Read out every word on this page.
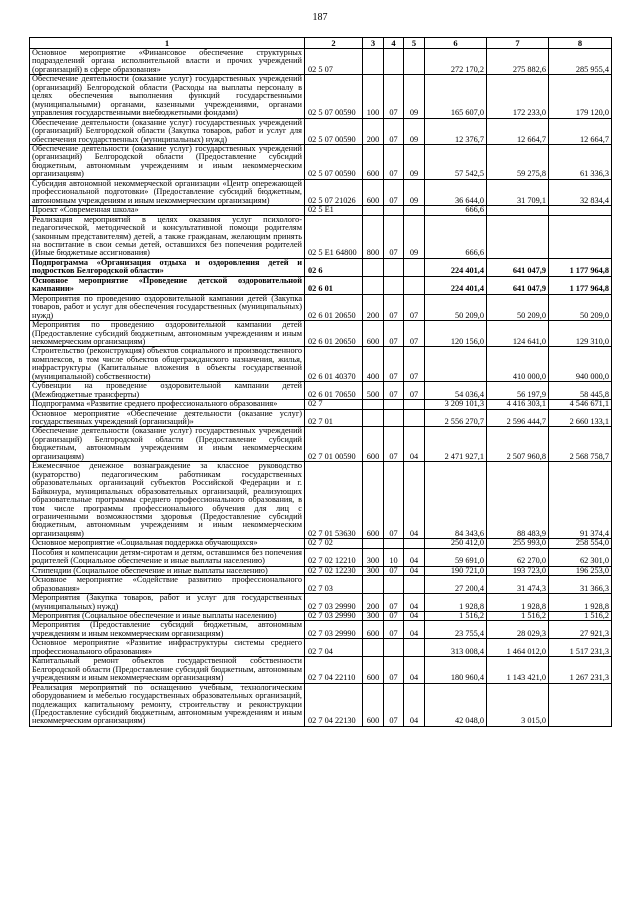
187
1	2	3	4	5	6	7	8
Основное мероприятие «Финансовое обеспечение структурных подразделений органа исполнительной власти и прочих учреждений (организаций) в сфере образования»	02 5 07				272 170,2	275 882,6	285 955,4
Обеспечение деятельности (оказание услуг) государственных учреждений (организаций) Белгородской области (Расходы на выплаты персоналу в целях обеспечения выполнения функций государственными (муниципальными) органами, казенными учреждениями, органами управления государственными внебюджетными фондами)	02 5 07 00590	100	07	09	165 607,0	172 233,0	179 120,0
Обеспечение деятельности (оказание услуг) государственных учреждений (организаций) Белгородской области (Закупка товаров, работ и услуг для обеспечения государственных (муниципальных) нужд)	02 5 07 00590	200	07	09	12 376,7	12 664,7	12 664,7
Обеспечение деятельности (оказание услуг) государственных учреждений (организаций) Белгородской области (Предоставление субсидий бюджетным, автономным учреждениям и иным некоммерческим организациям)	02 5 07 00590	600	07	09	57 542,5	59 275,8	61 336,3
Субсидия автономной некоммерческой организации «Центр опережающей профессиональной подготовки» (Предоставление субсидий бюджетным, автономным учреждениям и иным некоммерческим организациям)	02 5 07 21026	600	07	09	36 644,0	31 709,1	32 834,4
Проект «Современная школа»	02 5 E1				666,6		
Реализация мероприятий в целях оказания услуг психолого-педагогической, методической и консультативной помощи родителям (законным представителям) детей, а также гражданам, желающим принять на воспитание в свои семьи детей, оставшихся без попечения родителей (Иные бюджетные ассигнования)	02 5 E1 64800	800	07	09	666,6		
Подпрограмма «Организация отдыха и оздоровления детей и подростков Белгородской области»	02 6				224 401,4	641 047,9	1 177 964,8
Основное мероприятие «Проведение детской оздоровительной кампании»	02 6 01				224 401,4	641 047,9	1 177 964,8
Мероприятия по проведению оздоровительной кампании детей (Закупка товаров, работ и услуг для обеспечения государственных (муниципальных) нужд)	02 6 01 20650	200	07	07	50 209,0	50 209,0	50 209,0
Мероприятия по проведению оздоровительной кампании детей (Предоставление субсидий бюджетным, автономным учреждениям и иным некоммерческим организациям)	02 6 01 20650	600	07	07	120 156,0	124 641,0	129 310,0
Строительство (реконструкция) объектов социального и производственного комплексов, в том числе объектов общегражданского назначения, жилья, инфраструктуры (Капитальные вложения в объекты государственной (муниципальной) собственности)	02 6 01 40370	400	07	07		410 000,0	940 000,0
Субвенции на проведение оздоровительной кампании детей (Межбюджетные трансферты)	02 6 01 70650	500	07	07	54 036,4	56 197,9	58 445,8
Подпрограмма «Развитие среднего профессионального образования»	02 7				3 209 101,3	4 416 303,1	4 546 671,1
Основное мероприятие «Обеспечение деятельности (оказание услуг) государственных учреждений (организаций)»	02 7 01				2 556 270,7	2 596 444,7	2 660 133,1
Обеспечение деятельности (оказание услуг) государственных учреждений (организаций) Белгородской области (Предоставление субсидий бюджетным, автономным учреждениям и иным некоммерческим организациям)	02 7 01 00590	600	07	04	2 471 927,1	2 507 960,8	2 568 758,7
Ежемесячное денежное вознаграждение за классное руководство (кураторство) педагогическим работникам государственных образовательных организаций субъектов Российской Федерации и г. Байконура, муниципальных образовательных организаций, реализующих образовательные программы среднего профессионального образования, в том числе программы профессионального обучения для лиц с ограниченными возможностями здоровья (Предоставление субсидий бюджетным, автономным учреждениям и иным некоммерческим организациям)	02 7 01 53630	600	07	04	84 343,6	88 483,9	91 374,4
Основное мероприятие «Социальная поддержка обучающихся»	02 7 02				250 412,0	255 993,0	258 554,0
Пособия и компенсации детям-сиротам и детям, оставшимся без попечения родителей (Социальное обеспечение и иные выплаты населению)	02 7 02 12210	300	10	04	59 691,0	62 270,0	62 301,0
Стипендии (Социальное обеспечение и иные выплаты населению)	02 7 02 12230	300	07	04	190 721,0	193 723,0	196 253,0
Основное мероприятие «Содействие развитию профессионального образования»	02 7 03				27 200,4	31 474,3	31 366,3
Мероприятия (Закупка товаров, работ и услуг для государственных (муниципальных) нужд)	02 7 03 29990	200	07	04	1 928,8	1 928,8	1 928,8
Мероприятия (Социальное обеспечение и иные выплаты населению)	02 7 03 29990	300	07	04	1 516,2	1 516,2	1 516,2
Мероприятия (Предоставление субсидий бюджетным, автономным учреждениям и иным некоммерческим организациям)	02 7 03 29990	600	07	04	23 755,4	28 029,3	27 921,3
Основное мероприятие «Развитие инфраструктуры системы среднего профессионального образования»	02 7 04				313 008,4	1 464 012,0	1 517 231,3
Капитальный ремонт объектов государственной собственности Белгородской области (Предоставление субсидий бюджетным, автономным учреждениям и иным некоммерческим организациям)	02 7 04 22110	600	07	04	180 960,4	1 143 421,0	1 267 231,3
Реализация мероприятий по оснащению учебным, технологическим оборудованием и мебелью государственных образовательных организаций, подлежащих капитальному ремонту, строительству и реконструкции (Предоставление субсидий бюджетным, автономным учреждениям и иным некоммерческим организациям)	02 7 04 22130	600	07	04	42 048,0	3 015,0	
